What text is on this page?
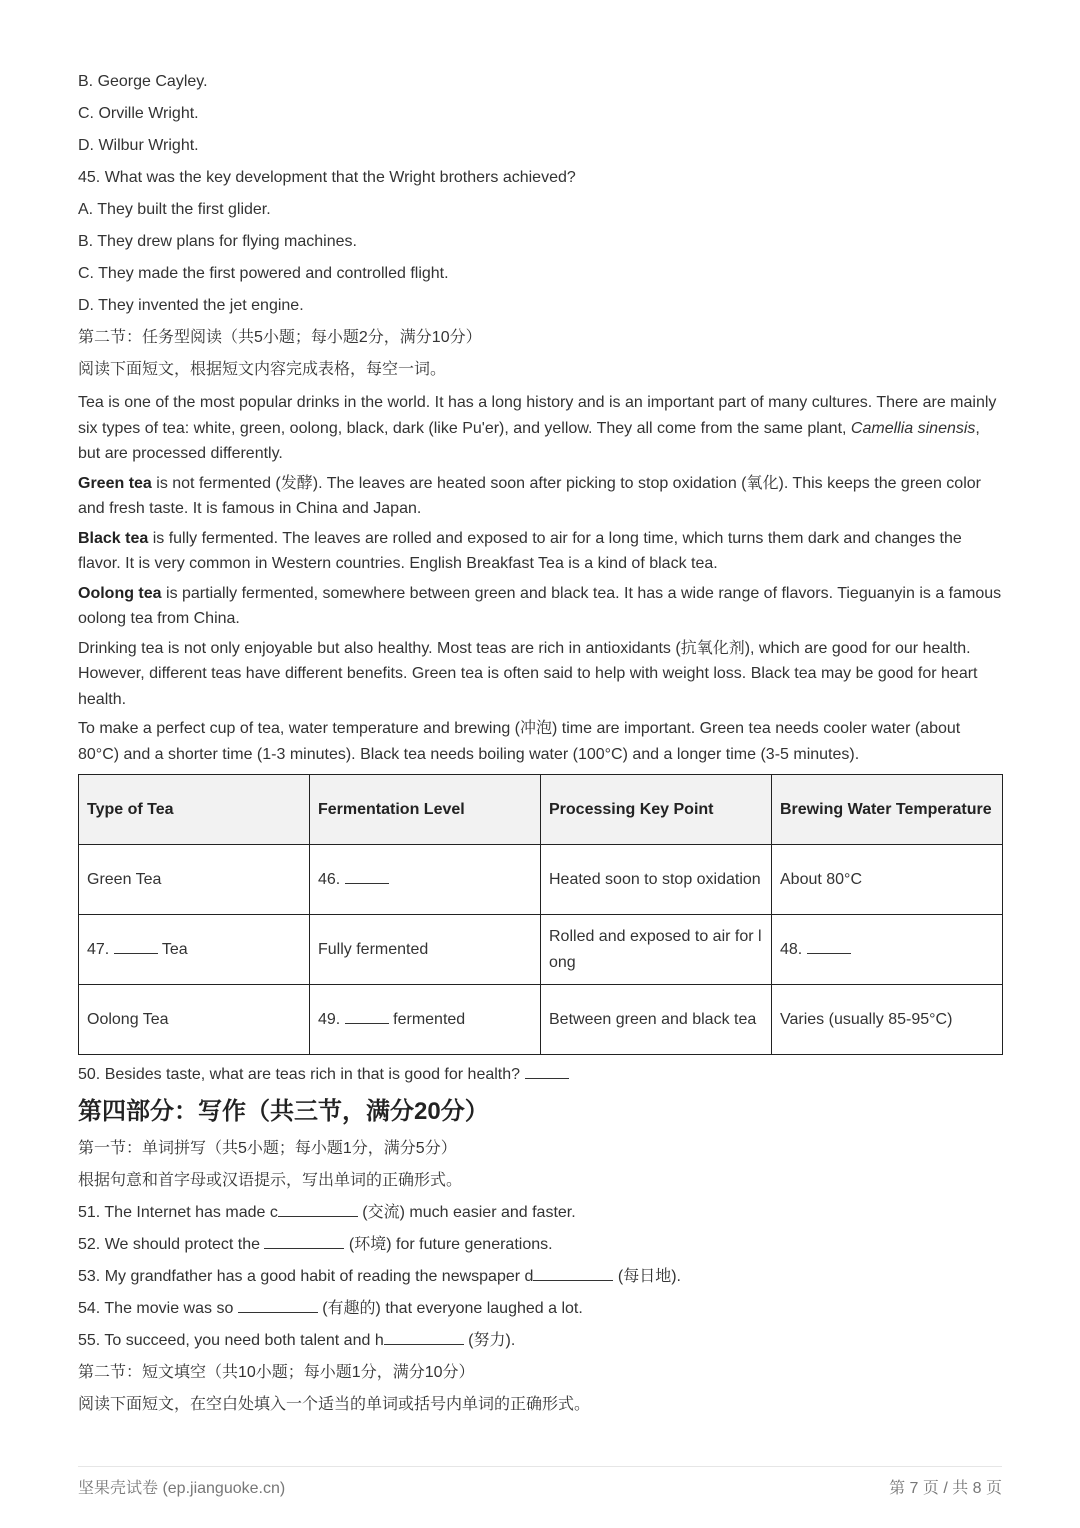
B. George Cayley.
C. Orville Wright.
D. Wilbur Wright.
45. What was the key development that the Wright brothers achieved?
A. They built the first glider.
B. They drew plans for flying machines.
C. They made the first powered and controlled flight.
D. They invented the jet engine.
第二节：任务型阅读（共5小题；每小题2分，满分10分）
阅读下面短文，根据短文内容完成表格，每空一词。
Tea is one of the most popular drinks in the world. It has a long history and is an important part of many cultures. There are mainly six types of tea: white, green, oolong, black, dark (like Pu'er), and yellow. They all come from the same plant, Camellia sinensis, but are processed differently.
Green tea is not fermented (发酵). The leaves are heated soon after picking to stop oxidation (氧化). This keeps the green color and fresh taste. It is famous in China and Japan.
Black tea is fully fermented. The leaves are rolled and exposed to air for a long time, which turns them dark and changes the flavor. It is very common in Western countries. English Breakfast Tea is a kind of black tea.
Oolong tea is partially fermented, somewhere between green and black tea. It has a wide range of flavors. Tieguanyin is a famous oolong tea from China.
Drinking tea is not only enjoyable but also healthy. Most teas are rich in antioxidants (抗氧化剂), which are good for our health. However, different teas have different benefits. Green tea is often said to help with weight loss. Black tea may be good for heart health.
To make a perfect cup of tea, water temperature and brewing (冲泡) time are important. Green tea needs cooler water (about 80°C) and a shorter time (1-3 minutes). Black tea needs boiling water (100°C) and a longer time (3-5 minutes).
Type of Tea	Fermentation Level	Processing Key Point	Brewing Water Temperature
Green Tea	46.	Heated soon to stop oxidation	About 80°C
47. Tea	Fully fermented	Rolled and exposed to air for long	48.
Oolong Tea	49. fermented	Between green and black tea	Varies (usually 85-95°C)
50. Besides taste, what are teas rich in that is good for health?
第四部分：写作（共三节，满分20分）
第一节：单词拼写（共5小题；每小题1分，满分5分）
根据句意和首字母或汉语提示，写出单词的正确形式。
51. The Internet has made c	(交流) much easier and faster.
52. We should protect the	(环境) for future generations.
53. My grandfather has a good habit of reading the newspaper d	(每日地).
54. The movie was so	(有趣的) that everyone laughed a lot.
55. To succeed, you need both talent and h	(努力).
第二节：短文填空（共10小题；每小题1分，满分10分）
阅读下面短文，在空白处填入一个适当的单词或括号内单词的正确形式。
坚果壳试卷 (ep.jianguoke.cn)	第 7 页 / 共 8 页
